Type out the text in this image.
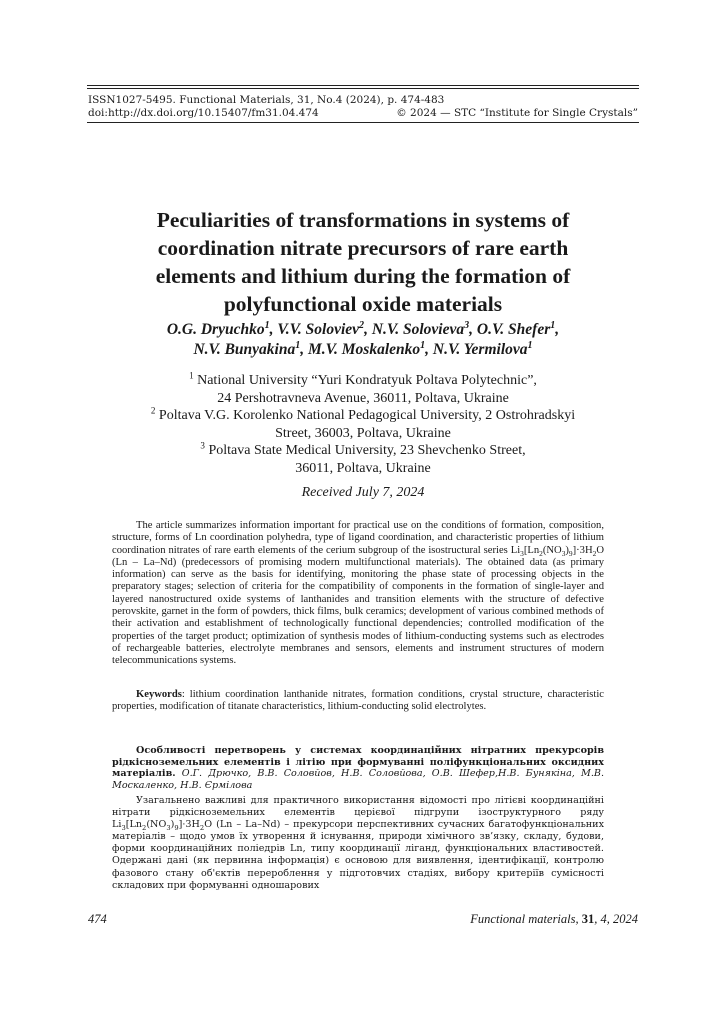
ISSN1027-5495. Functional Materials, 31, No.4 (2024), p. 474-483
doi:http://dx.doi.org/10.15407/fm31.04.474	© 2024 — STC “Institute for Single Crystals”
Peculiarities of transformations in systems of
coordination nitrate precursors of rare earth
elements and lithium during the formation of
polyfunctional oxide materials
O.G. Dryuchko$^1$, V.V. Soloviev$^2$, N.V. Solovieva$^3$, O.V. Shefer$^1$,
N.V. Bunyakina$^1$, M.V. Moskalenko$^1$, N.V. Yermilova$^1$
$^1$ National University “Yuri Kondratyuk Poltava Polytechnic”,
24 Pershotravneva Avenue, 36011, Poltava, Ukraine
$^2$ Poltava V.G. Korolenko National Pedagogical University, 2 Ostrohradskyi
Street, 36003, Poltava, Ukraine
$^3$ Poltava State Medical University, 23 Shevchenko Street,
36011, Poltava, Ukraine
Received July 7, 2024
The article summarizes information important for practical use on the conditions of formation, composition, structure, forms of Ln coordination polyhedra, type of ligand coordination, and characteristic properties of lithium coordination nitrates of rare earth elements of the cerium subgroup of the isostructural series $Li_3[Ln_2(NO_3)_9]\cdot 3H_2O$ (Ln – La–Nd) (predecessors of promising modern multifunctional materials). The obtained data (as primary information) can serve as the basis for identifying, monitoring the phase state of processing objects in the preparatory stages; selection of criteria for the compatibility of components in the formation of single-layer and layered nanostructured oxide systems of lanthanides and transition elements with the structure of defective perovskite, garnet in the form of powders, thick films, bulk ceramics; development of various combined methods of their activation and establishment of technologically functional dependencies; controlled modification of the properties of the target product; optimization of synthesis modes of lithium-conducting systems such as electrodes of rechargeable batteries, electrolyte membranes and sensors, elements and instrument structures of modern telecommunications systems.
Keywords: lithium coordination lanthanide nitrates, formation conditions, crystal structure, characteristic properties, modification of titanate characteristics, lithium-conducting solid electrolytes.
Особливості перетворень у системах координаційних нітратних прекурсорів рідкісноземельних елементів і літію при формуванні поліфункціональних оксидних матеріалів. О.Г. Дрючко, В.В. Соловйов, Н.В. Соловйова, О.В. Шефер,Н.В. Бунякіна, М.В. Москаленко, Н.В. Єрмілова
Узагальнено важливі для практичного використання відомості про літієві координаційні нітрати рідкісноземельних елементів церієвої підгрупи ізоструктурного ряду $Li_3[Ln_2(NO_3)_9]\cdot 3H_2O$ (Ln – La–Nd) – прекурсори перспективних сучасних багатофункціональних матеріалів – щодо умов їх утворення й існування, природи хімічного зв’язку, складу, будови, форми координаційних поліедрів Ln, типу координації лігaнд, функціональних властивостей. Одержані дані (як первинна інформація) є основою для виявлення, ідентифікації, контролю фазового стану об'єктів перероблення у підготовчих стадіях, вибору критеріїв сумісності складових при формуванні одношарових
474	Functional materials, 31, 4, 2024
